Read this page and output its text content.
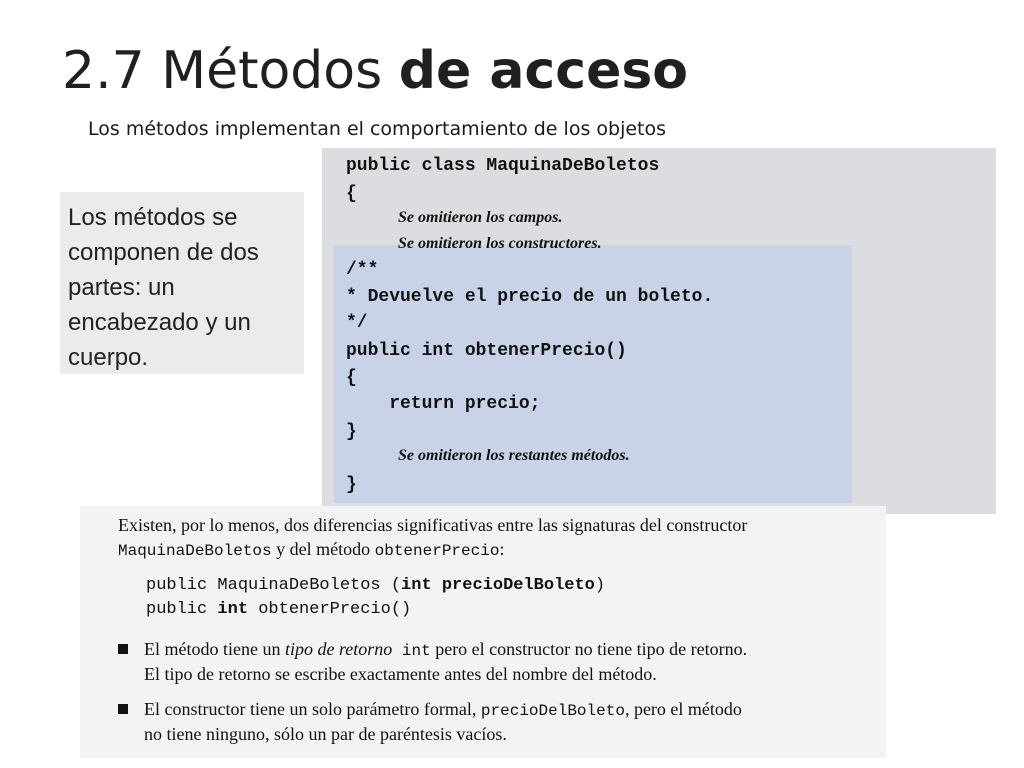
2.7 Métodos de acceso
Los métodos implementan el comportamiento de los objetos
Los métodos se
componen de dos
partes: un
encabezado y un
cuerpo.
public class MaquinaDeBoletos
{
Se omitieron los campos.
Se omitieron los constructores.
/**
* Devuelve el precio de un boleto.
*/
public int obtenerPrecio()
{
return precio;
}
Se omitieron los restantes métodos.
}
Existen, por lo menos, dos diferencias significativas entre las signaturas del constructor
MaquinaDeBoletos y del método obtenerPrecio:
public MaquinaDeBoletos (int precioDelBoleto)
public int obtenerPrecio()
El método tiene un tipo de retorno int pero el constructor no tiene tipo de retorno.
El tipo de retorno se escribe exactamente antes del nombre del método.
El constructor tiene un solo parámetro formal, precioDelBoleto, pero el método
no tiene ninguno, sólo un par de paréntesis vacíos.
